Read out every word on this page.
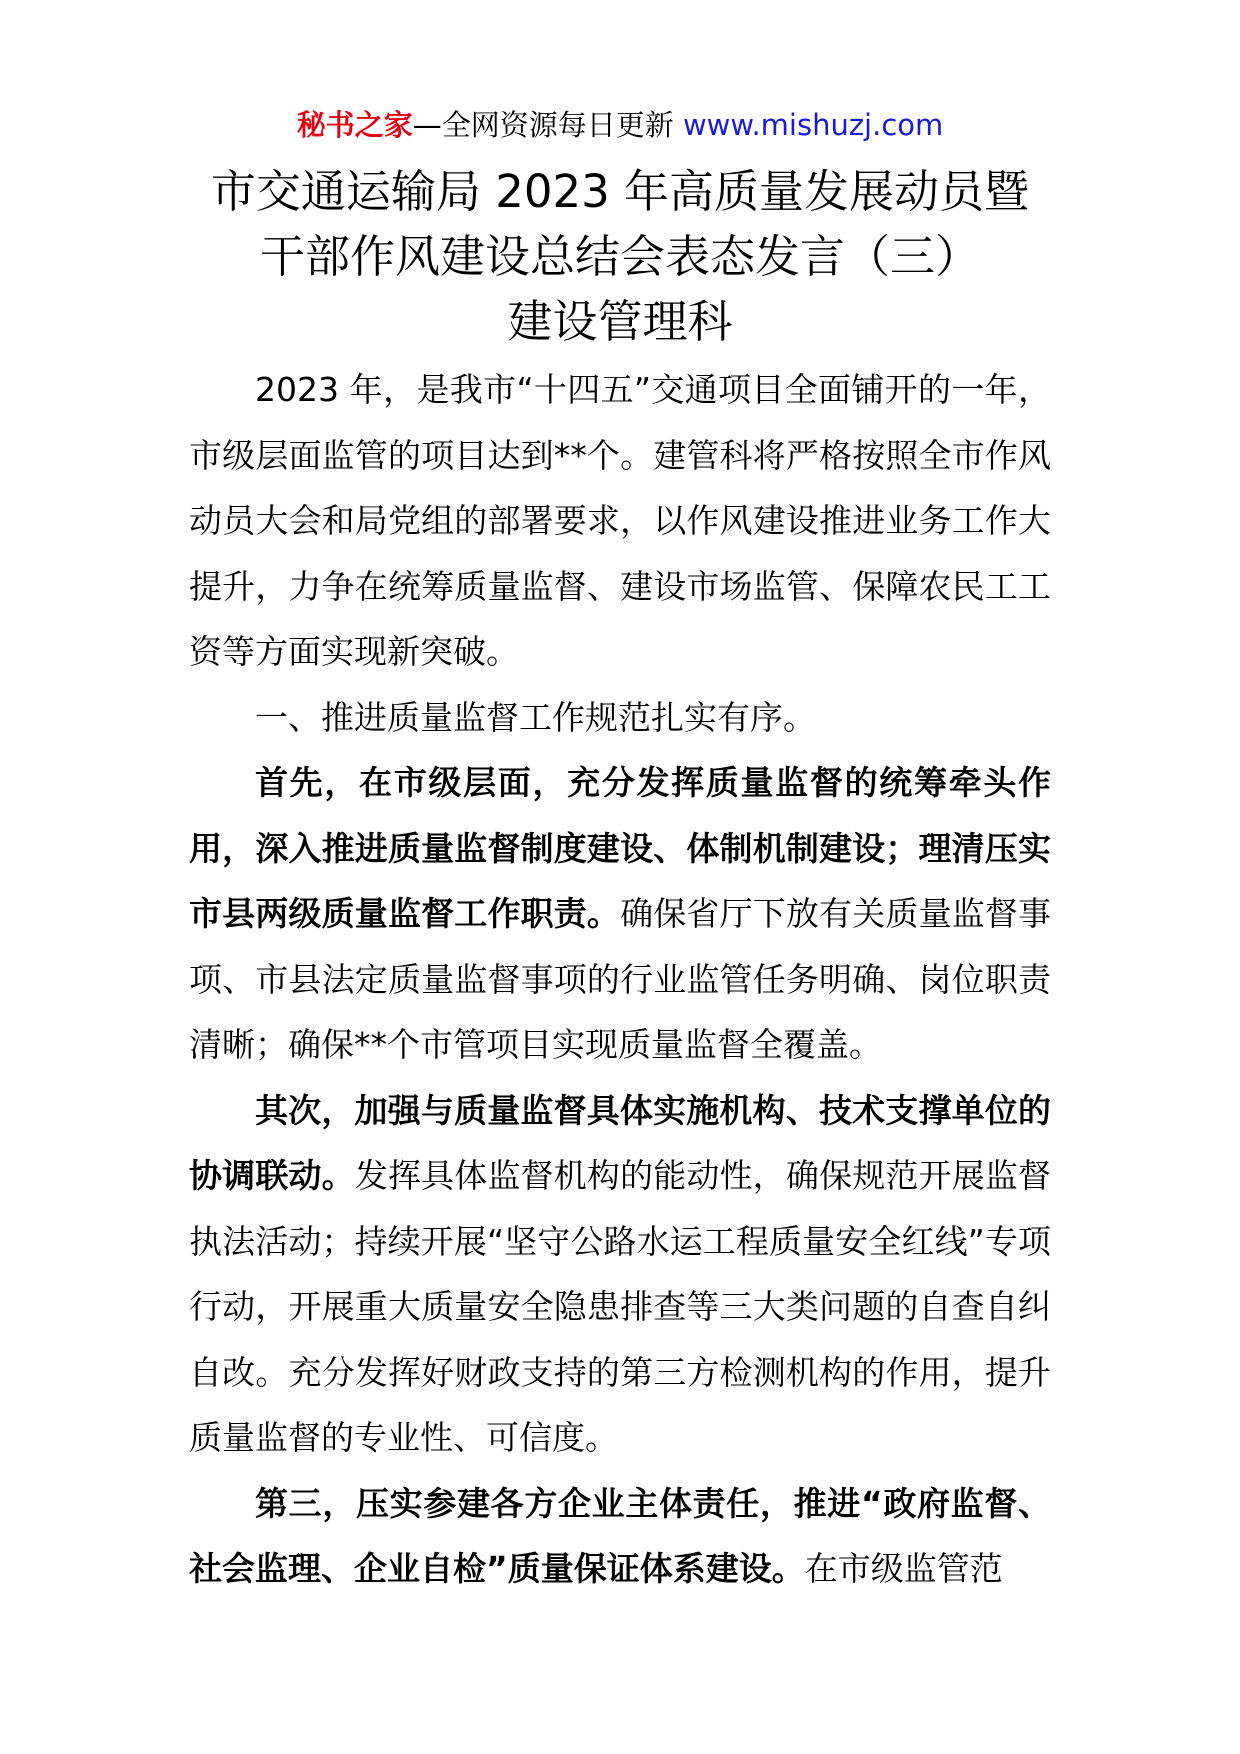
秘书之家—全网资源每日更新 www.mishuzj.com
市交通运输局 2023 年高质量发展动员暨
干部作风建设总结会表态发言（三）
建设管理科

2023 年，是我市“十四五”交通项目全面铺开的一年，市级层面监管的项目达到**个。建管科将严格按照全市作风动员大会和局党组的部署要求，以作风建设推进业务工作大提升，力争在统筹质量监督、建设市场监管、保障农民工工资等方面实现新突破。

一、推进质量监督工作规范扎实有序。

首先，在市级层面，充分发挥质量监督的统筹牵头作用，深入推进质量监督制度建设、体制机制建设；理清压实市县两级质量监督工作职责。确保省厅下放有关质量监督事项、市县法定质量监督事项的行业监管任务明确、岗位职责清晰；确保**个市管项目实现质量监督全覆盖。

其次，加强与质量监督具体实施机构、技术支撑单位的协调联动。发挥具体监督机构的能动性，确保规范开展监督执法活动；持续开展“坚守公路水运工程质量安全红线”专项行动，开展重大质量安全隐患排查等三大类问题的自查自纠自改。充分发挥好财政支持的第三方检测机构的作用，提升质量监督的专业性、可信度。

第三，压实参建各方企业主体责任，推进“政府监督、社会监理、企业自检”质量保证体系建设。在市级监管范
